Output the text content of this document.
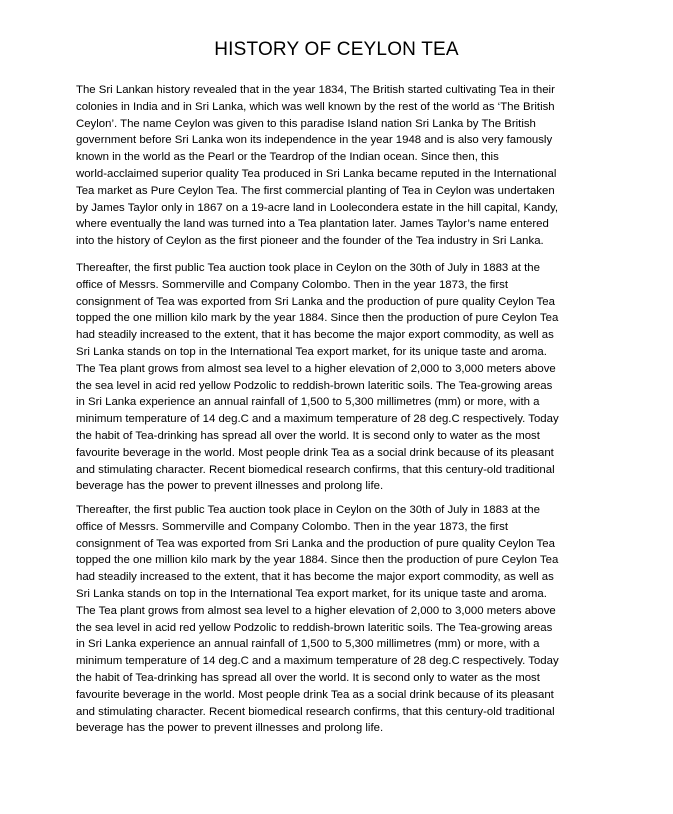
HISTORY OF CEYLON TEA

The Sri Lankan history revealed that in the year 1834, The British started cultivating Tea in their
colonies in India and in Sri Lanka, which was well known by the rest of the world as ‘The British
Ceylon’. The name Ceylon was given to this paradise Island nation Sri Lanka by The British
government before Sri Lanka won its independence in the year 1948 and is also very famously
known in the world as the Pearl or the Teardrop of the Indian ocean. Since then, this
world-acclaimed superior quality Tea produced in Sri Lanka became reputed in the International
Tea market as Pure Ceylon Tea. The first commercial planting of Tea in Ceylon was undertaken
by James Taylor only in 1867 on a 19-acre land in Loolecondera estate in the hill capital, Kandy,
where eventually the land was turned into a Tea plantation later. James Taylor’s name entered
into the history of Ceylon as the first pioneer and the founder of the Tea industry in Sri Lanka.

Thereafter, the first public Tea auction took place in Ceylon on the 30th of July in 1883 at the
office of Messrs. Sommerville and Company Colombo. Then in the year 1873, the first
consignment of Tea was exported from Sri Lanka and the production of pure quality Ceylon Tea
topped the one million kilo mark by the year 1884. Since then the production of pure Ceylon Tea
had steadily increased to the extent, that it has become the major export commodity, as well as
Sri Lanka stands on top in the International Tea export market, for its unique taste and aroma.
The Tea plant grows from almost sea level to a higher elevation of 2,000 to 3,000 meters above
the sea level in acid red yellow Podzolic to reddish-brown lateritic soils. The Tea-growing areas
in Sri Lanka experience an annual rainfall of 1,500 to 5,300 millimetres (mm) or more, with a
minimum temperature of 14 deg.C and a maximum temperature of 28 deg.C respectively. Today
the habit of Tea-drinking has spread all over the world. It is second only to water as the most
favourite beverage in the world. Most people drink Tea as a social drink because of its pleasant
and stimulating character. Recent biomedical research confirms, that this century-old traditional
beverage has the power to prevent illnesses and prolong life.

Thereafter, the first public Tea auction took place in Ceylon on the 30th of July in 1883 at the
office of Messrs. Sommerville and Company Colombo. Then in the year 1873, the first
consignment of Tea was exported from Sri Lanka and the production of pure quality Ceylon Tea
topped the one million kilo mark by the year 1884. Since then the production of pure Ceylon Tea
had steadily increased to the extent, that it has become the major export commodity, as well as
Sri Lanka stands on top in the International Tea export market, for its unique taste and aroma.
The Tea plant grows from almost sea level to a higher elevation of 2,000 to 3,000 meters above
the sea level in acid red yellow Podzolic to reddish-brown lateritic soils. The Tea-growing areas
in Sri Lanka experience an annual rainfall of 1,500 to 5,300 millimetres (mm) or more, with a
minimum temperature of 14 deg.C and a maximum temperature of 28 deg.C respectively. Today
the habit of Tea-drinking has spread all over the world. It is second only to water as the most
favourite beverage in the world. Most people drink Tea as a social drink because of its pleasant
and stimulating character. Recent biomedical research confirms, that this century-old traditional
beverage has the power to prevent illnesses and prolong life.
